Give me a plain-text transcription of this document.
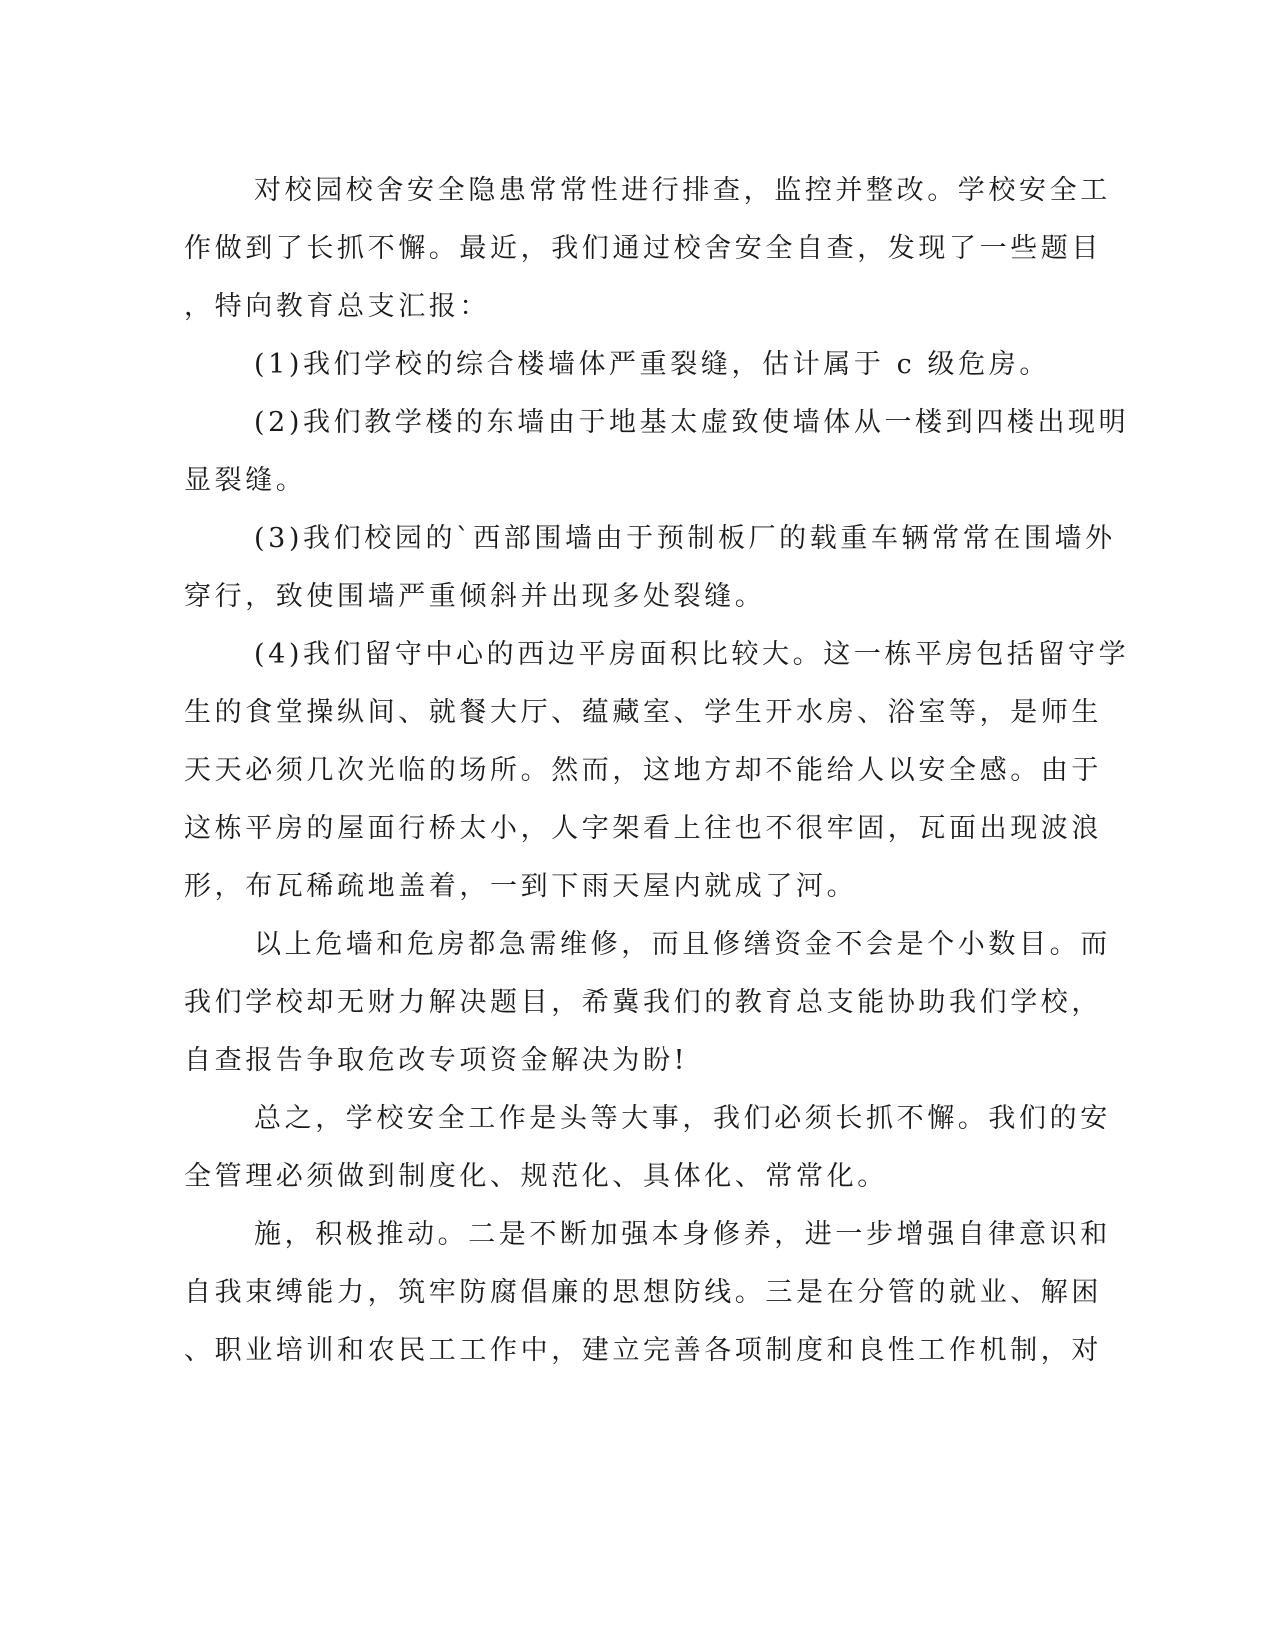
对校园校舍安全隐患常常性进行排查，监控并整改。学校安全工
作做到了长抓不懈。最近，我们通过校舍安全自查，发现了一些题目
，特向教育总支汇报：
(1)我们学校的综合楼墙体严重裂缝，估计属于 c 级危房。
(2)我们教学楼的东墙由于地基太虚致使墙体从一楼到四楼出现明
显裂缝。
(3)我们校园的`西部围墙由于预制板厂的载重车辆常常在围墙外
穿行，致使围墙严重倾斜并出现多处裂缝。
(4)我们留守中心的西边平房面积比较大。这一栋平房包括留守学
生的食堂操纵间、就餐大厅、蕴藏室、学生开水房、浴室等，是师生
天天必须几次光临的场所。然而，这地方却不能给人以安全感。由于
这栋平房的屋面行桥太小，人字架看上往也不很牢固，瓦面出现波浪
形，布瓦稀疏地盖着，一到下雨天屋内就成了河。
以上危墙和危房都急需维修，而且修缮资金不会是个小数目。而
我们学校却无财力解决题目，希冀我们的教育总支能协助我们学校，
自查报告争取危改专项资金解决为盼!
总之，学校安全工作是头等大事，我们必须长抓不懈。我们的安
全管理必须做到制度化、规范化、具体化、常常化。
施，积极推动。二是不断加强本身修养，进一步增强自律意识和
自我束缚能力，筑牢防腐倡廉的思想防线。三是在分管的就业、解困
、职业培训和农民工工作中，建立完善各项制度和良性工作机制，对
